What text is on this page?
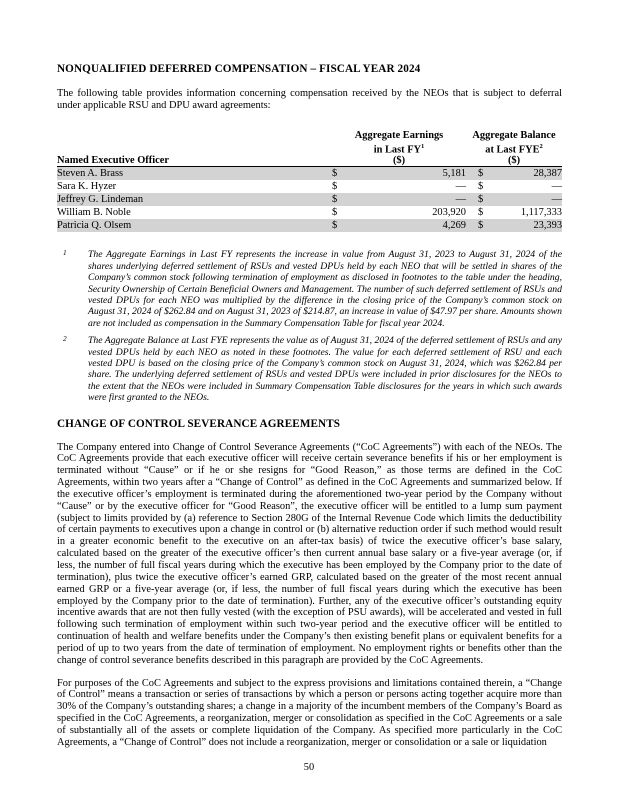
NONQUALIFIED DEFERRED COMPENSATION – FISCAL YEAR 2024

The following table provides information concerning compensation received by the NEOs that is subject to deferral under applicable RSU and DPU award agreements:

Named Executive Officer	Aggregate Earnings
in Last $FY^1$
($)		Aggregate Balance
at Last FYE$^2$
($)		
Steven A. Brass	$	5,181		$	28,387
Sara K. Hyzer	$	—		$	—
Jeffrey G. Lindeman	$	—		$	—
William B. Noble	$	203,920		$	1,117,333
Patricia Q. Olsem	$	4,269		$	23,393
1	The Aggregate Earnings in Last FY represents the increase in value from August 31, 2023 to August 31, 2024 of the shares underlying deferred settlement of RSUs and vested DPUs held by each NEO that will be settled in shares of the Company’s common stock following termination of employment as disclosed in footnotes to the table under the heading, Security Ownership of Certain Beneficial Owners and Management. The number of such deferred settlement of RSUs and vested DPUs for each NEO was multiplied by the difference in the closing price of the Company’s common stock on August 31, 2024 of $262.84 and on August 31, 2023 of $214.87, an increase in value of $47.97 per share. Amounts shown are not included as compensation in the Summary Compensation Table for fiscal year 2024.
2	The Aggregate Balance at Last FYE represents the value as of August 31, 2024 of the deferred settlement of RSUs and any vested DPUs held by each NEO as noted in these footnotes. The value for each deferred settlement of RSU and each vested DPU is based on the closing price of the Company’s common stock on August 31, 2024, which was $262.84 per share. The underlying deferred settlement of RSUs and vested DPUs were included in prior disclosures for the NEOs to the extent that the NEOs were included in Summary Compensation Table disclosures for the years in which such awards were first granted to the NEOs.
CHANGE OF CONTROL SEVERANCE AGREEMENTS

The Company entered into Change of Control Severance Agreements (“CoC Agreements”) with each of the NEOs. The CoC Agreements provide that each executive officer will receive certain severance benefits if his or her employment is terminated without “Cause” or if he or she resigns for “Good Reason,” as those terms are defined in the CoC Agreements, within two years after a “Change of Control” as defined in the CoC Agreements and summarized below. If the executive officer’s employment is terminated during the aforementioned two-year period by the Company without “Cause” or by the executive officer for “Good Reason”, the executive officer will be entitled to a lump sum payment (subject to limits provided by (a) reference to Section 280G of the Internal Revenue Code which limits the deductibility of certain payments to executives upon a change in control or (b) alternative reduction order if such method would result in a greater economic benefit to the executive on an after-tax basis) of twice the executive officer’s base salary, calculated based on the greater of the executive officer’s then current annual base salary or a five-year average (or, if less, the number of full fiscal years during which the executive has been employed by the Company prior to the date of termination), plus twice the executive officer’s earned GRP, calculated based on the greater of the most recent annual earned GRP or a five-year average (or, if less, the number of full fiscal years during which the executive has been employed by the Company prior to the date of termination). Further, any of the executive officer’s outstanding equity incentive awards that are not then fully vested (with the exception of PSU awards), will be accelerated and vested in full following such termination of employment within such two-year period and the executive officer will be entitled to continuation of health and welfare benefits under the Company’s then existing benefit plans or equivalent benefits for a period of up to two years from the date of termination of employment. No employment rights or benefits other than the change of control severance benefits described in this paragraph are provided by the CoC Agreements.

For purposes of the CoC Agreements and subject to the express provisions and limitations contained therein, a “Change of Control” means a transaction or series of transactions by which a person or persons acting together acquire more than 30% of the Company’s outstanding shares; a change in a majority of the incumbent members of the Company’s Board as specified in the CoC Agreements, a reorganization, merger or consolidation as specified in the CoC Agreements or a sale of substantially all of the assets or complete liquidation of the Company. As specified more particularly in the CoC Agreements, a “Change of Control” does not include a reorganization, merger or consolidation or a sale or liquidation

50
